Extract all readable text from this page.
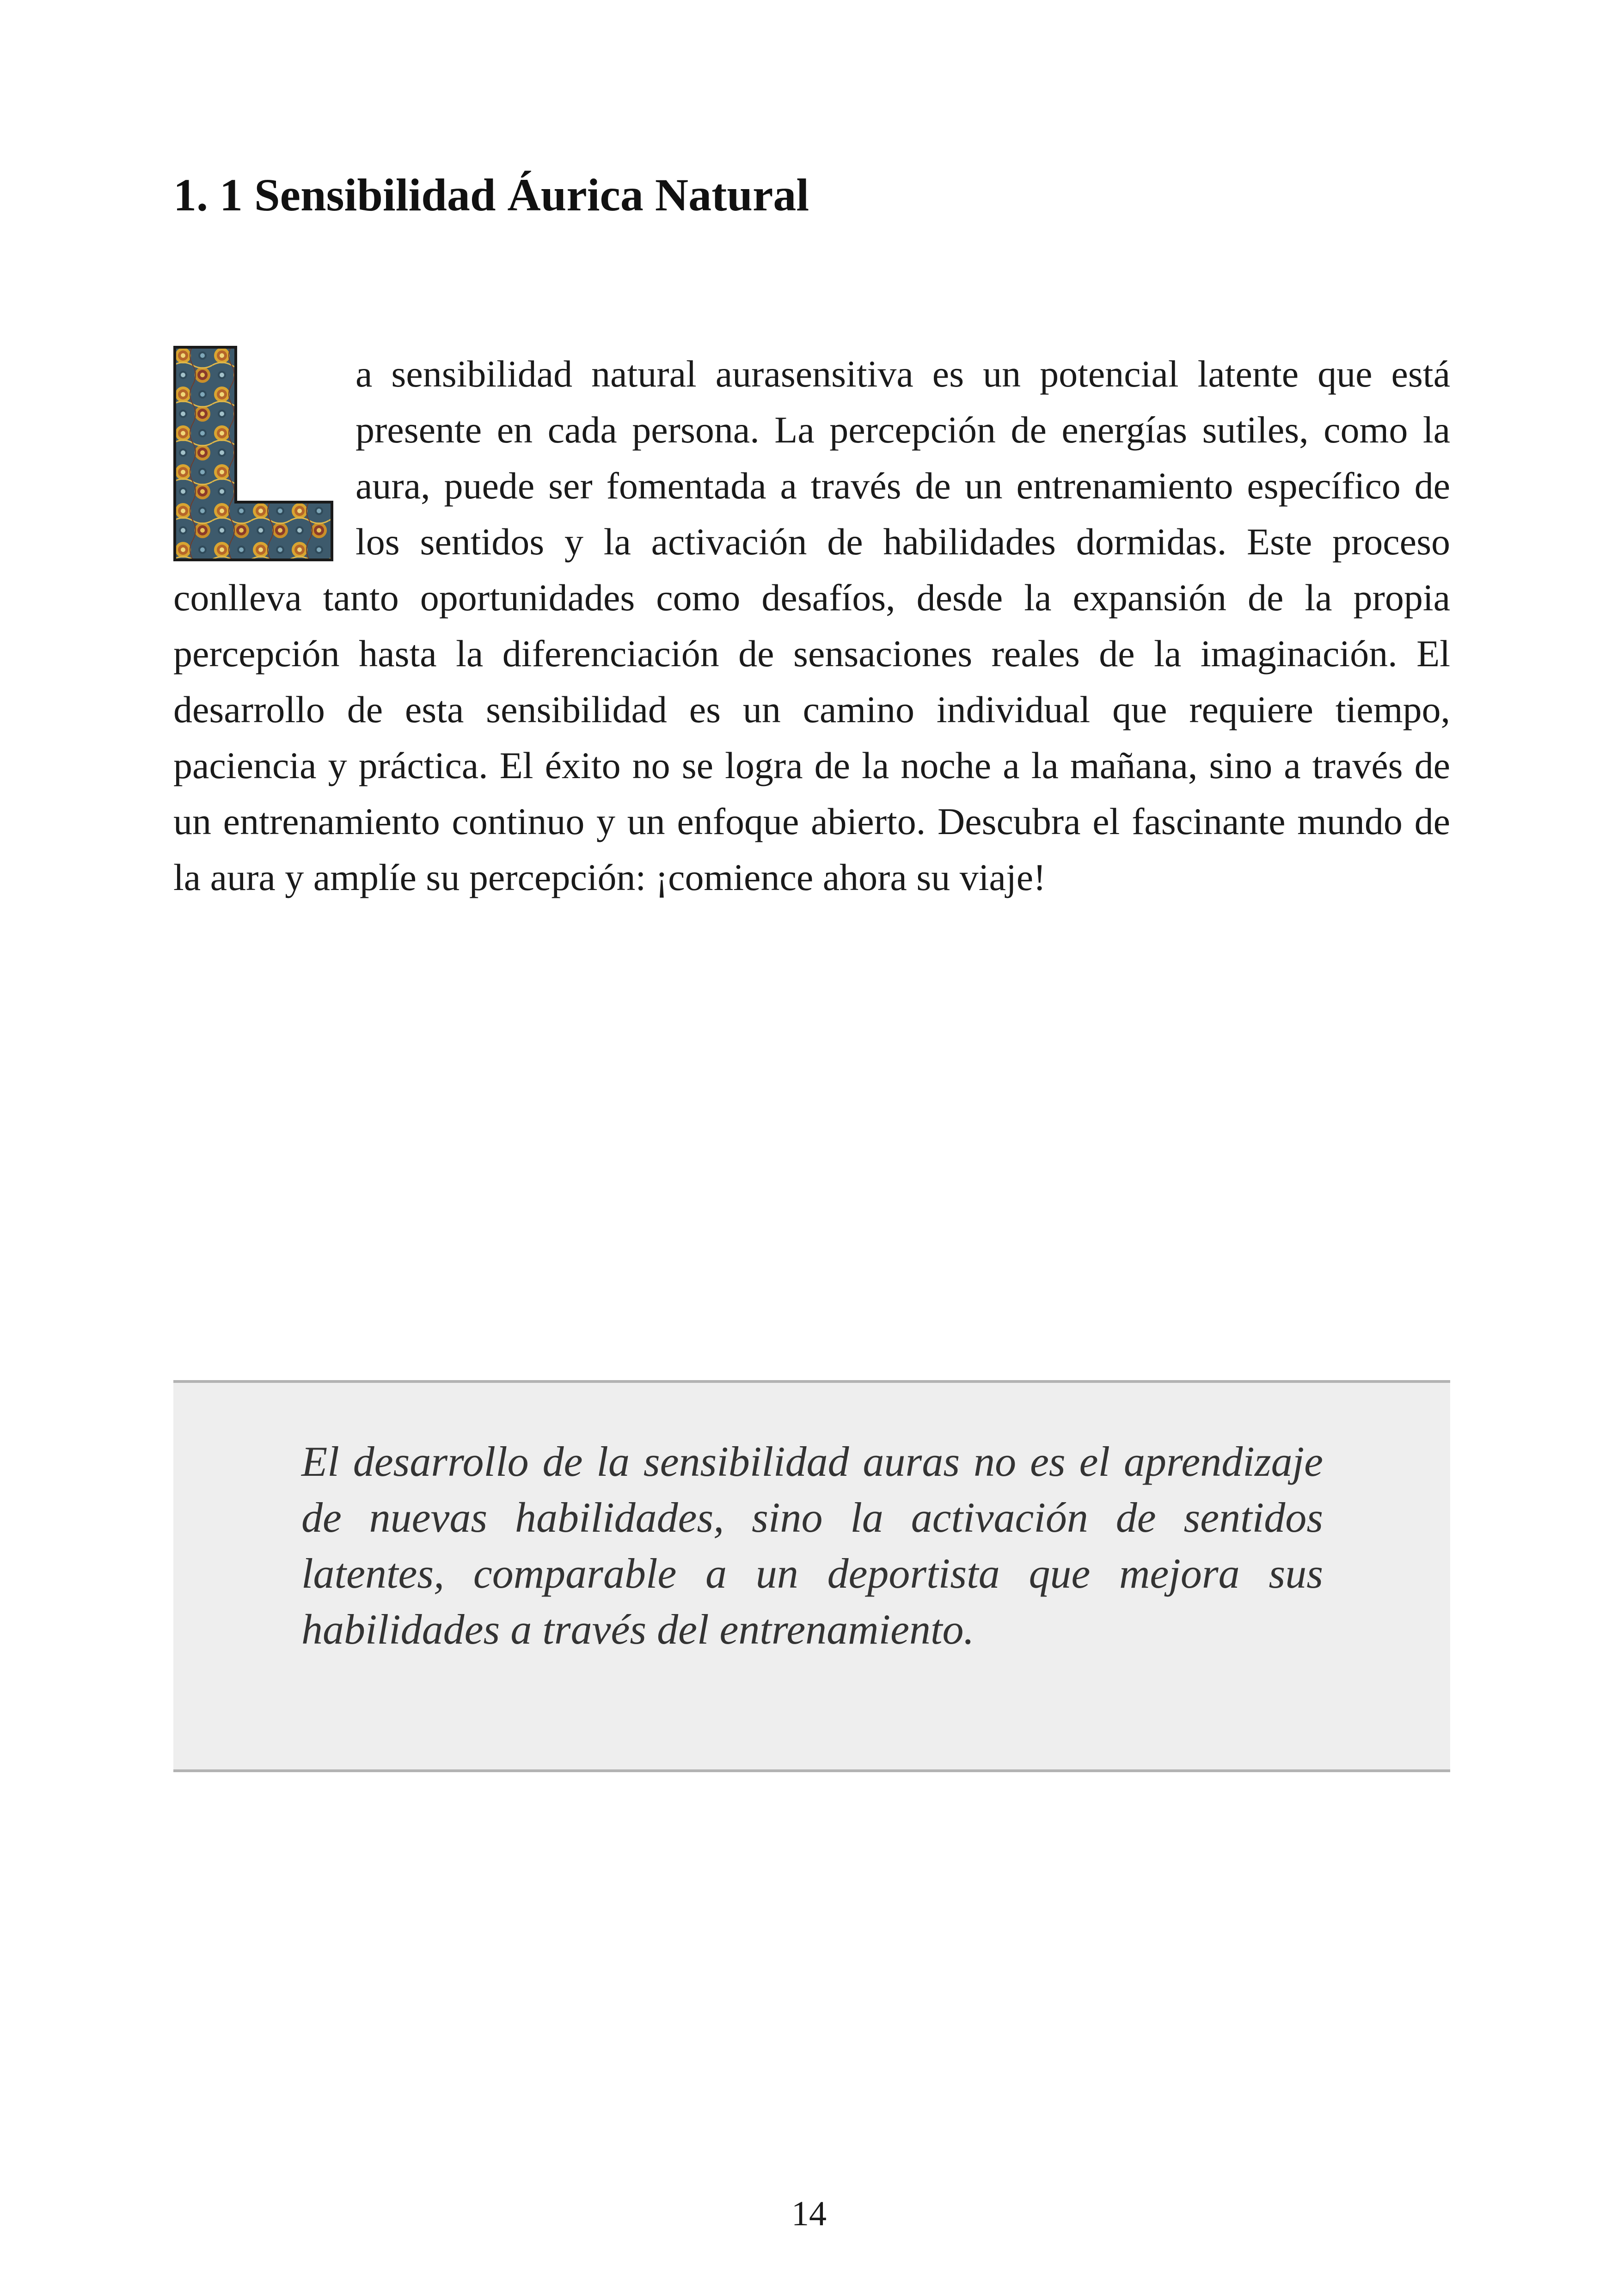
1. 1 Sensibilidad Áurica Natural
a sensibilidad natural aurasensitiva es un potencial latente que está presente en cada persona. La percepción de energías sutiles, como la aura, puede ser fomentada a través de un entrenamiento específico de los sentidos y la activación de habilidades dormidas. Este proceso conlleva tanto oportunidades como desafíos, desde la expansión de la propia percepción hasta la diferenciación de sensaciones reales de la imaginación. El desarrollo de esta sensibilidad es un camino individual que requiere tiempo, paciencia y práctica. El éxito no se logra de la noche a la mañana, sino a través de un entrenamiento continuo y un enfoque abierto. Descubra el fascinante mundo de la aura y amplíe su percepción: ¡comience ahora su viaje!

El desarrollo de la sensibilidad auras no es el aprendizaje de nuevas habilidades, sino la activación de sentidos latentes, comparable a un deportista que mejora sus habilidades a través del entrenamiento.

14
